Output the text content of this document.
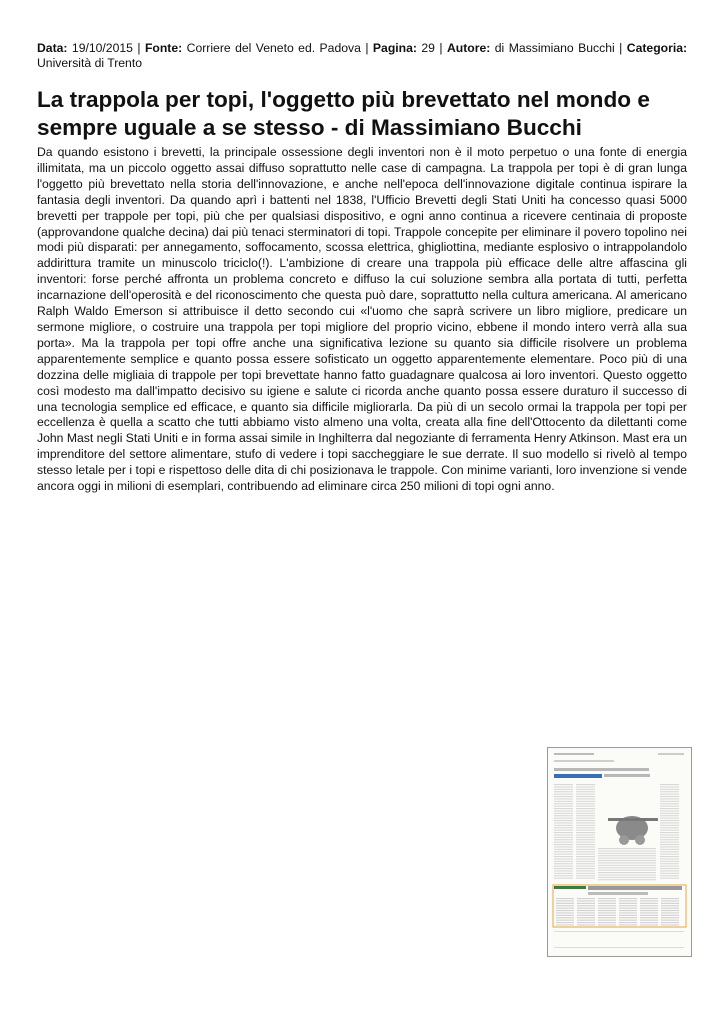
Data: 19/10/2015 | Fonte: Corriere del Veneto ed. Padova | Pagina: 29 | Autore: di Massimiano Bucchi | Categoria: Università di Trento
La trappola per topi, l'oggetto più brevettato nel mondo e sempre uguale a se stesso - di Massimiano Bucchi

Da quando esistono i brevetti, la principale ossessione degli inventori non è il moto perpetuo o una fonte di energia illimitata, ma un piccolo oggetto assai diffuso soprattutto nelle case di campagna. La trappola per topi è di gran lunga l'oggetto più brevettato nella storia dell'innovazione, e anche nell'epoca dell'innovazione digitale continua ispirare la fantasia degli inventori. Da quando aprì i battenti nel 1838, l'Ufficio Brevetti degli Stati Uniti ha concesso quasi 5000 brevetti per trappole per topi, più che per qualsiasi dispositivo, e ogni anno continua a ricevere centinaia di proposte (approvandone qualche decina) dai più tenaci sterminatori di topi. Trappole concepite per eliminare il povero topolino nei modi più disparati: per annegamento, soffocamento, scossa elettrica, ghigliottina, mediante esplosivo o intrappolandolo addirittura tramite un minuscolo triciclo(!). L'ambizione di creare una trappola più efficace delle altre affascina gli inventori: forse perché affronta un problema concreto e diffuso la cui soluzione sembra alla portata di tutti, perfetta incarnazione dell'operosità e del riconoscimento che questa può dare, soprattutto nella cultura americana. Al americano Ralph Waldo Emerson si attribuisce il detto secondo cui «l'uomo che saprà scrivere un libro migliore, predicare un sermone migliore, o costruire una trappola per topi migliore del proprio vicino, ebbene il mondo intero verrà alla sua porta». Ma la trappola per topi offre anche una significativa lezione su quanto sia difficile risolvere un problema apparentemente semplice e quanto possa essere sofisticato un oggetto apparentemente elementare. Poco più di una dozzina delle migliaia di trappole per topi brevettate hanno fatto guadagnare qualcosa ai loro inventori. Questo oggetto così modesto ma dall'impatto decisivo su igiene e salute ci ricorda anche quanto possa essere duraturo il successo di una tecnologia semplice ed efficace, e quanto sia difficile migliorarla. Da più di un secolo ormai la trappola per topi per eccellenza è quella a scatto che tutti abbiamo visto almeno una volta, creata alla fine dell'Ottocento da dilettanti come John Mast negli Stati Uniti e in forma assai simile in Inghilterra dal negoziante di ferramenta Henry Atkinson. Mast era un imprenditore del settore alimentare, stufo di vedere i topi saccheggiare le sue derrate. Il suo modello si rivelò al tempo stesso letale per i topi e rispettoso delle dita di chi posizionava le trappole. Con minime varianti, loro invenzione si vende ancora oggi in milioni di esemplari, contribuendo ad eliminare circa 250 milioni di topi ogni anno.
